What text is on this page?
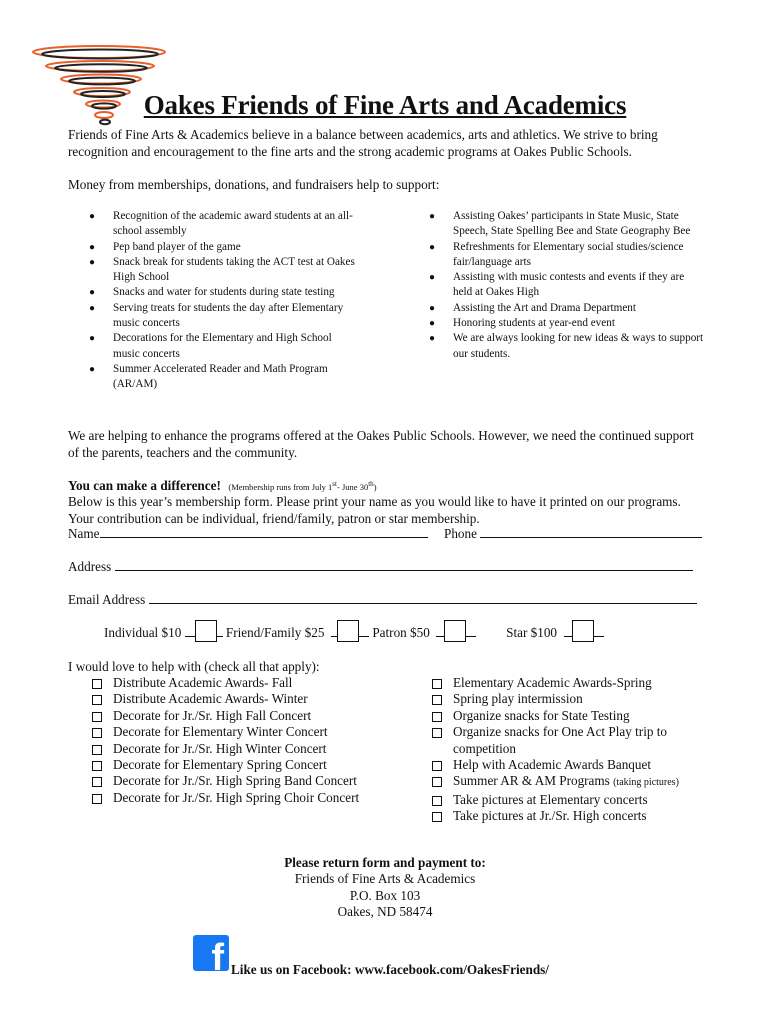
Oakes Friends of Fine Arts and Academics
Friends of Fine Arts & Academics believe in a balance between academics, arts and athletics. We strive to bring recognition and encouragement to the fine arts and the strong academic programs at Oakes Public Schools.
Money from memberships, donations, and fundraisers help to support:
● Recognition of the academic award students at an all-school assembly
● Pep band player of the game
● Snack break for students taking the ACT test at Oakes High School
● Snacks and water for students during state testing
● Serving treats for students the day after Elementary music concerts
● Decorations for the Elementary and High School music concerts
● Summer Accelerated Reader and Math Program (AR/AM)
● Assisting Oakes’ participants in State Music, State Speech, State Spelling Bee and State Geography Bee
● Refreshments for Elementary social studies/science fair/language arts
● Assisting with music contests and events if they are held at Oakes High
● Assisting the Art and Drama Department
● Honoring students at year-end event
● We are always looking for new ideas & ways to support our students.
We are helping to enhance the programs offered at the Oakes Public Schools. However, we need the continued support of the parents, teachers and the community.
You can make a difference! (Membership runs from July 1st- June 30th)
Below is this year’s membership form. Please print your name as you would like to have it printed on our programs. Your contribution can be individual, friend/family, patron or star membership.
Name	Phone
Address
Email Address
Individual $10	Friend/Family $25	Patron $50	Star $100
I would love to help with (check all that apply):
Distribute Academic Awards- Fall
Distribute Academic Awards- Winter
Decorate for Jr./Sr. High Fall Concert
Decorate for Elementary Winter Concert
Decorate for Jr./Sr. High Winter Concert
Decorate for Elementary Spring Concert
Decorate for Jr./Sr. High Spring Band Concert
Decorate for Jr./Sr. High Spring Choir Concert
Elementary Academic Awards-Spring
Spring play intermission
Organize snacks for State Testing
Organize snacks for One Act Play trip to competition
Help with Academic Awards Banquet
Summer AR & AM Programs (taking pictures)
Take pictures at Elementary concerts
Take pictures at Jr./Sr. High concerts
Please return form and payment to:
Friends of Fine Arts & Academics
P.O. Box 103
Oakes, ND 58474
f Like us on Facebook: www.facebook.com/OakesFriends/
